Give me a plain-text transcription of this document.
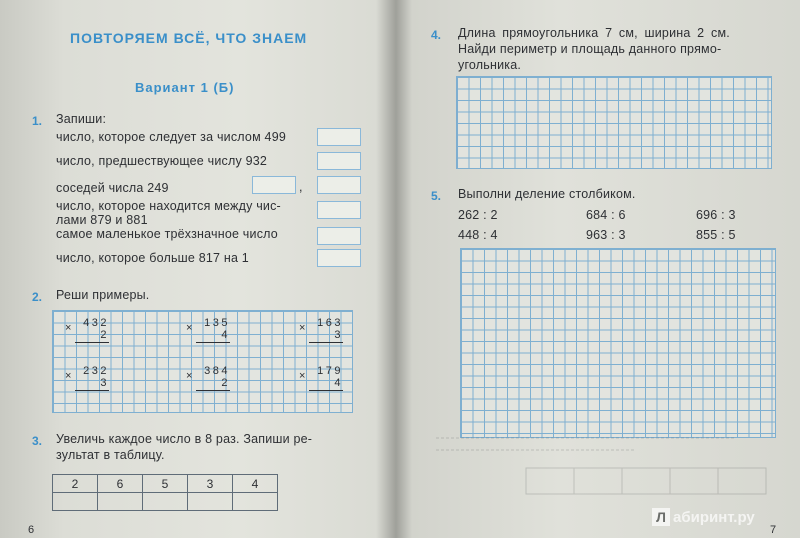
ПОВТОРЯЕМ ВСЁ, ЧТО ЗНАЕМ
Вариант 1 (Б)
1. Запиши:
число, которое следует за числом 499
число, предшествующее числу 932
соседей числа 249	,
число, которое находится между чис-
лами 879 и 881
самое маленькое трёхзначное число
число, которое больше 817 на 1
2. Реши примеры.
×	432
2
×	135
4
×	163
3
×	232
3
×	384
2
×	179
4
3. Увеличь каждое число в 8 раз. Запиши ре-
зультат в таблицу.
2	6	5	3	4

6
4. Длина прямоугольника 7 см, ширина 2 см.
Найди периметр и площадь данного прямо-
угольника.
5. Выполни деление столбиком.
262 : 2	684 : 6	696 : 3
448 : 4	963 : 3	855 : 5
7
Л абиринт.ру
